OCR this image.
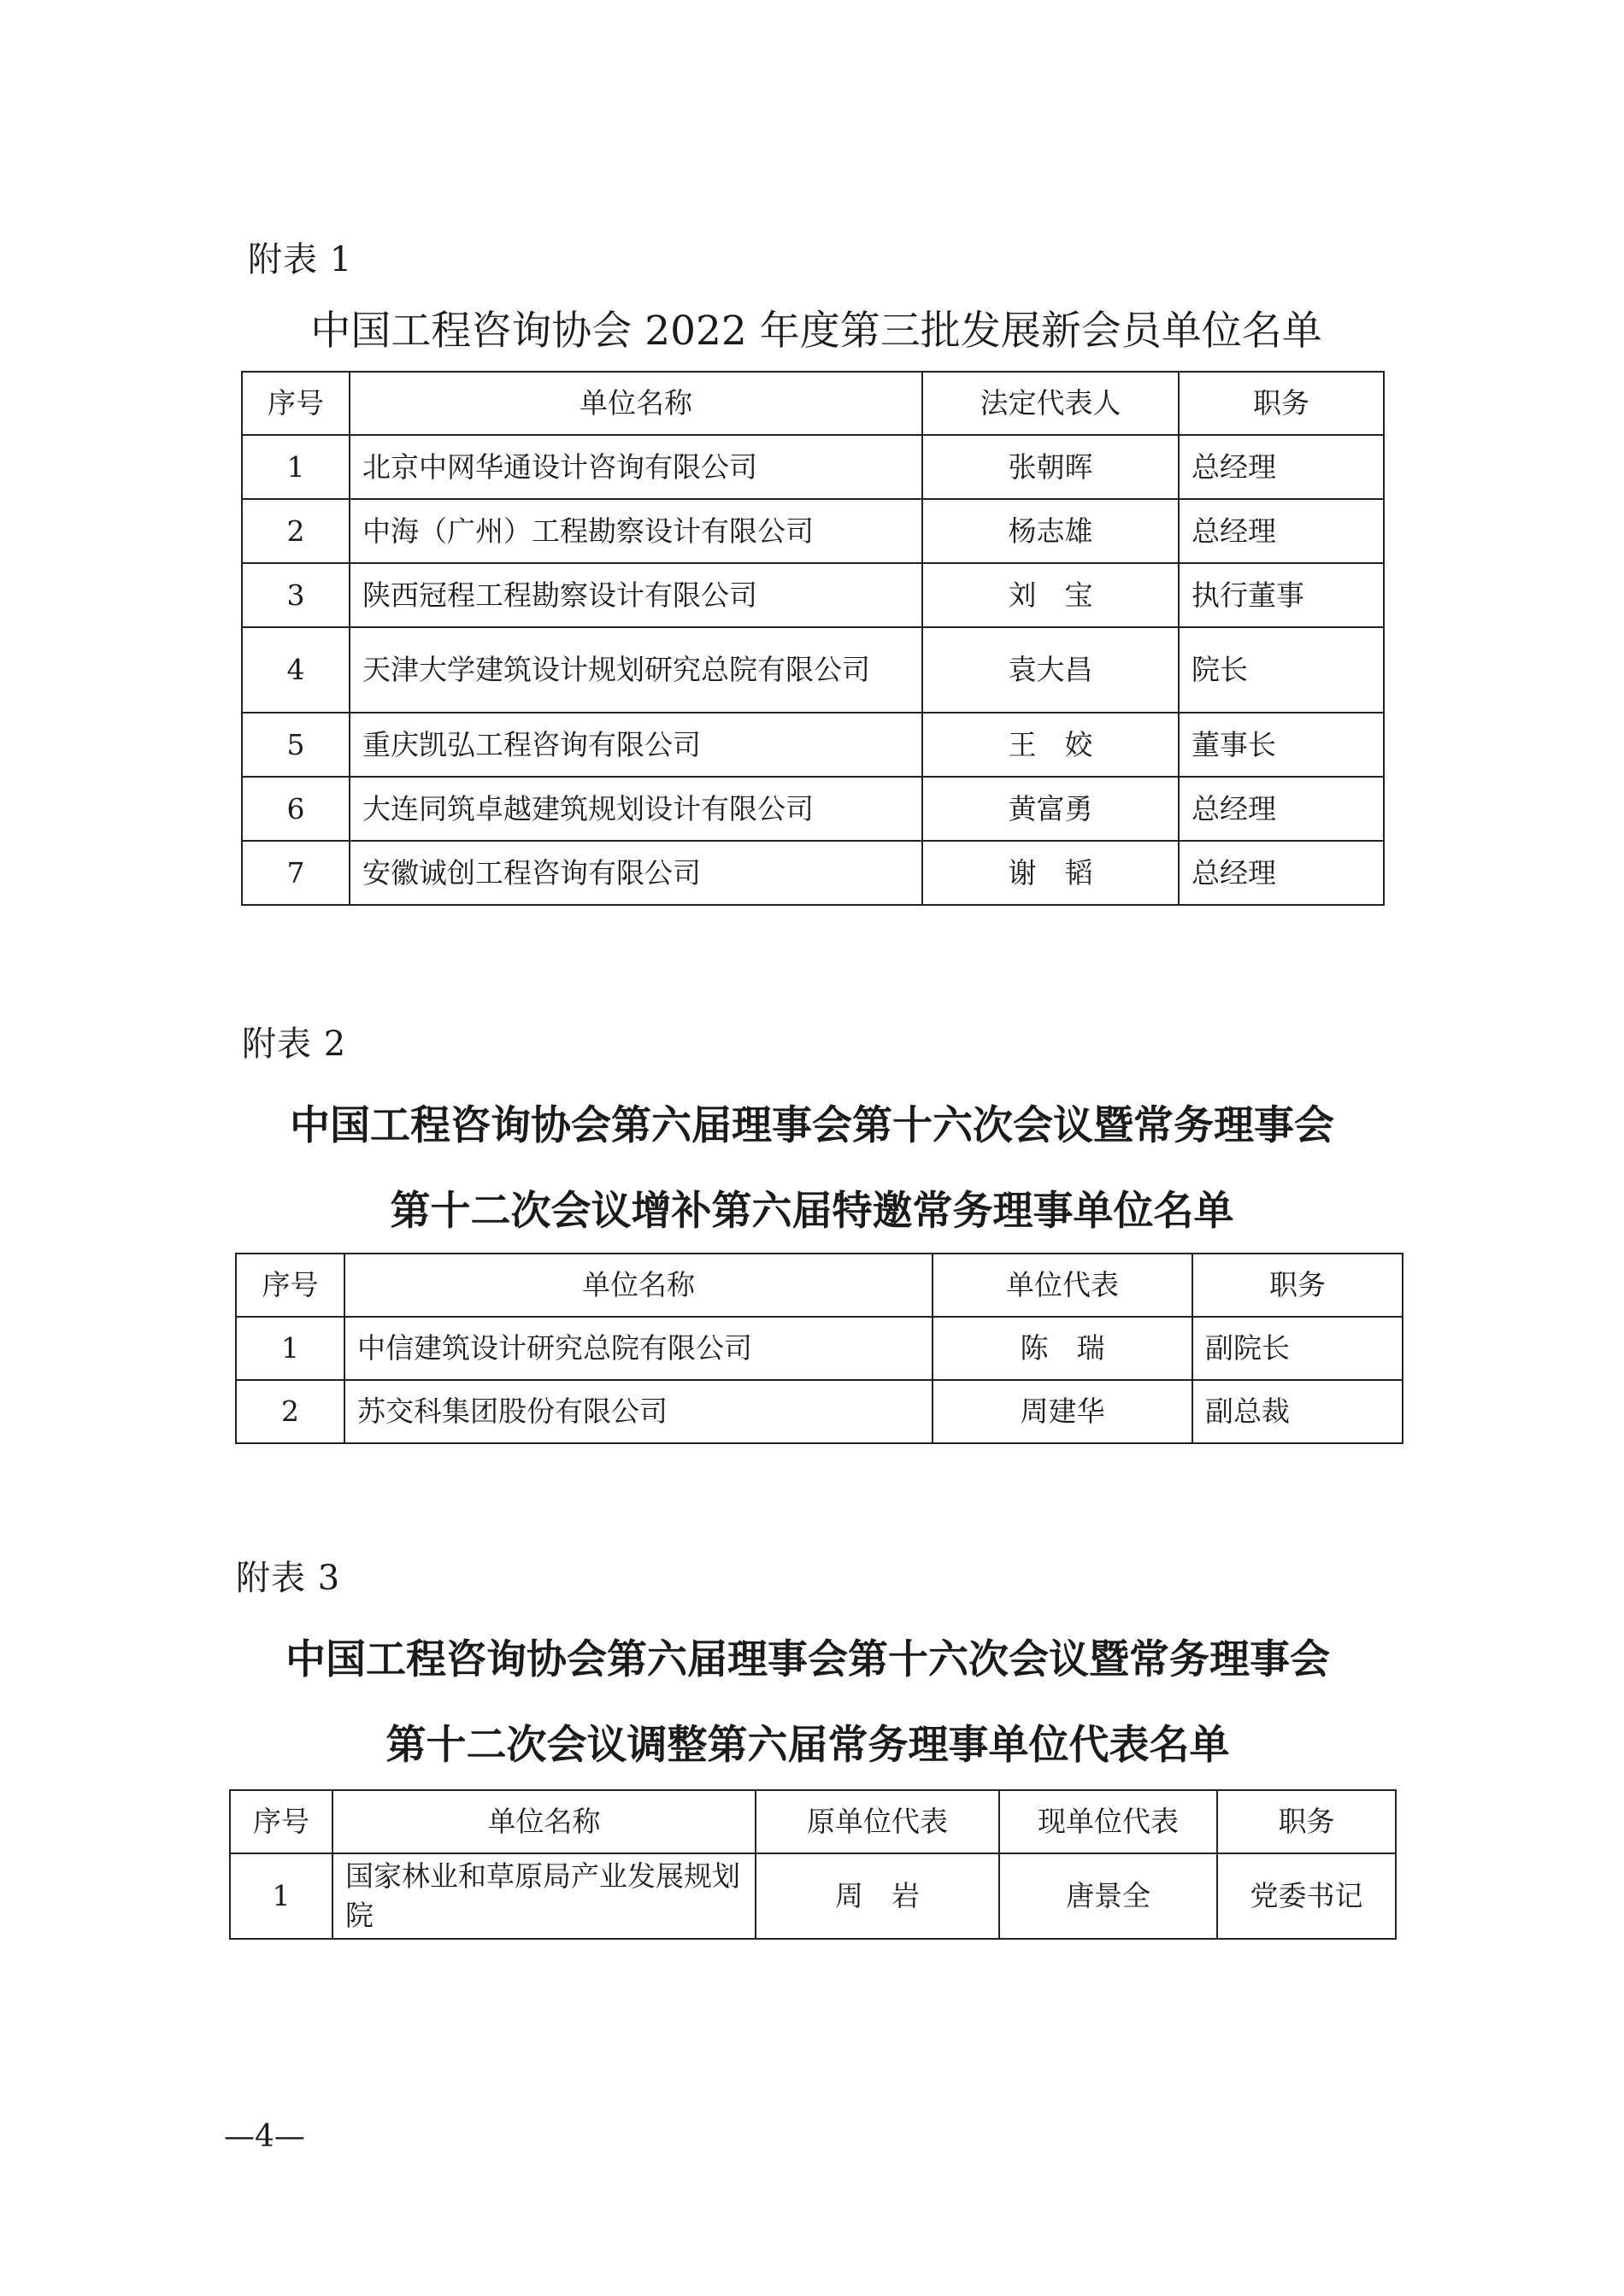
附表 1
中国工程咨询协会 2022 年度第三批发展新会员单位名单
序号	单位名称	法定代表人	职务
1	北京中网华通设计咨询有限公司	张朝晖	总经理
2	中海（广州）工程勘察设计有限公司	杨志雄	总经理
3	陕西冠程工程勘察设计有限公司	刘　宝	执行董事
4	天津大学建筑设计规划研究总院有限公司	袁大昌	院长
5	重庆凯弘工程咨询有限公司	王　姣	董事长
6	大连同筑卓越建筑规划设计有限公司	黄富勇	总经理
7	安徽诚创工程咨询有限公司	谢　韬	总经理
附表 2
中国工程咨询协会第六届理事会第十六次会议暨常务理事会
第十二次会议增补第六届特邀常务理事单位名单
序号	单位名称	单位代表	职务
1	中信建筑设计研究总院有限公司	陈　瑞	副院长
2	苏交科集团股份有限公司	周建华	副总裁
附表 3
中国工程咨询协会第六届理事会第十六次会议暨常务理事会
第十二次会议调整第六届常务理事单位代表名单
序号	单位名称	原单位代表	现单位代表	职务
1	国家林业和草原局产业发展规划院	周　岩	唐景全	党委书记
—4—
